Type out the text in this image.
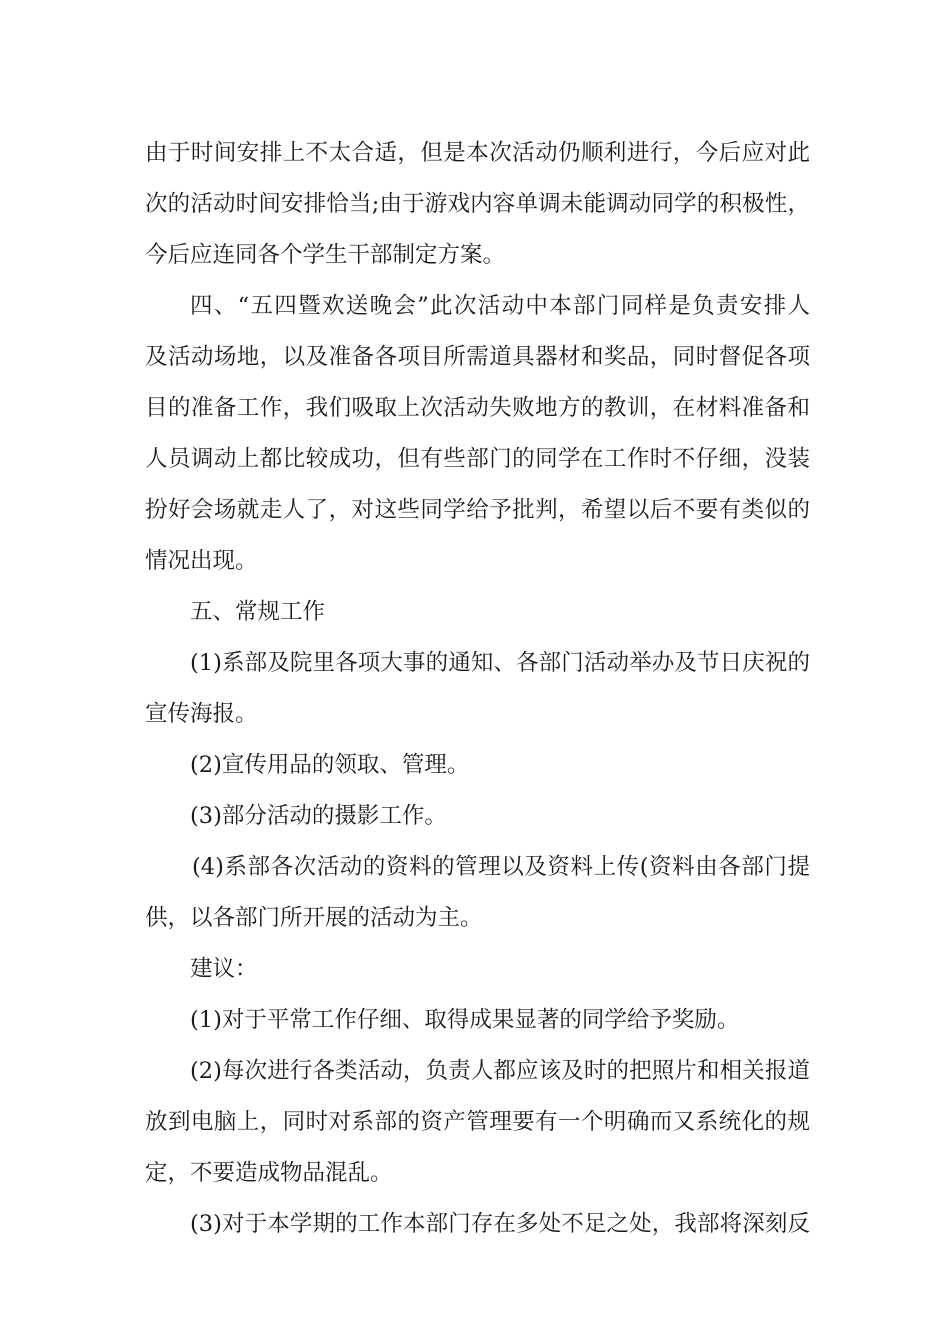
由于时间安排上不太合适，但是本次活动仍顺利进行，今后应对此
次的活动时间安排恰当;由于游戏内容单调未能调动同学的积极性，
今后应连同各个学生干部制定方案。
四、“五四暨欢送晚会”此次活动中本部门同样是负责安排人
及活动场地，以及准备各项目所需道具器材和奖品，同时督促各项
目的准备工作，我们吸取上次活动失败地方的教训，在材料准备和
人员调动上都比较成功，但有些部门的同学在工作时不仔细，没装
扮好会场就走人了，对这些同学给予批判，希望以后不要有类似的
情况出现。
五、常规工作
(1)系部及院里各项大事的通知、各部门活动举办及节日庆祝的
宣传海报。
(2)宣传用品的领取、管理。
(3)部分活动的摄影工作。
(4)系部各次活动的资料的管理以及资料上传(资料由各部门提
供，以各部门所开展的活动为主。
建议：
(1)对于平常工作仔细、取得成果显著的同学给予奖励。
(2)每次进行各类活动，负责人都应该及时的把照片和相关报道
放到电脑上，同时对系部的资产管理要有一个明确而又系统化的规
定，不要造成物品混乱。
(3)对于本学期的工作本部门存在多处不足之处，我部将深刻反
